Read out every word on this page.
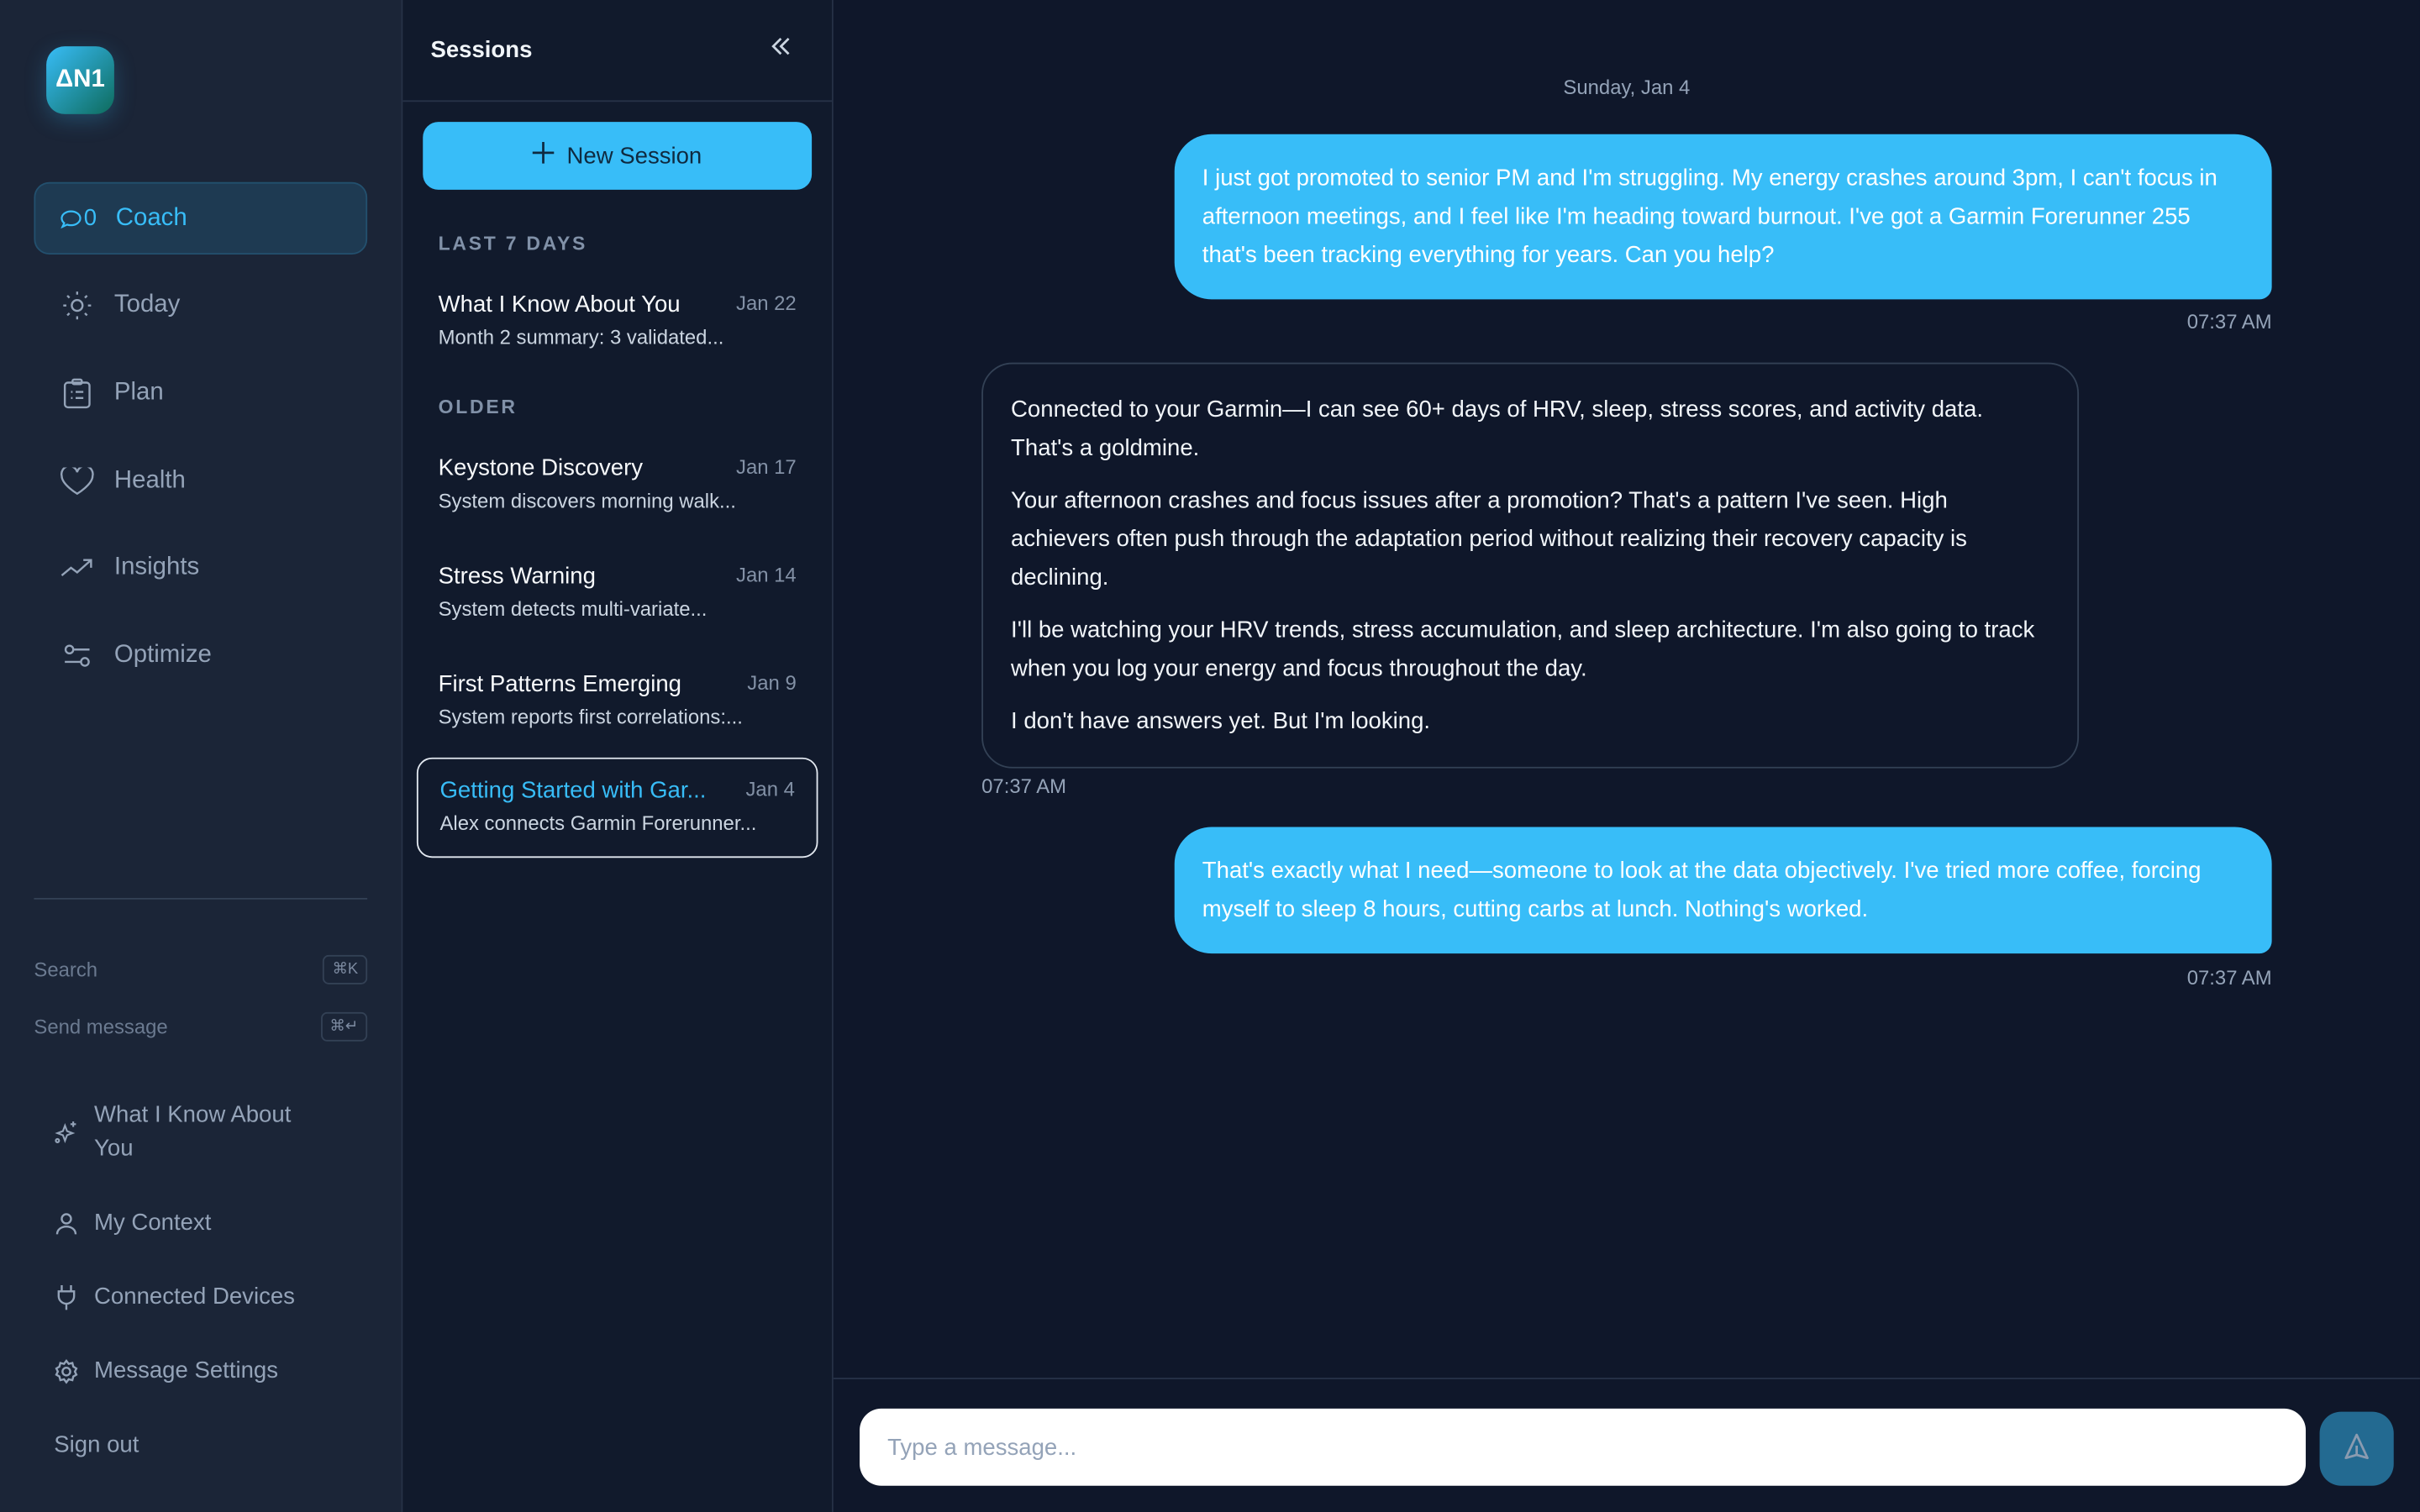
ΔN1
0 Coach
Today
Plan
Health
Insights
Optimize
Search	⌘K
Send message	⌘↵
What I Know About You
My Context
Connected Devices
Message Settings
Sign out
Sessions
New Session
LAST 7 DAYS
What I Know About You	Jan 22
Month 2 summary: 3 validated...
OLDER
Keystone Discovery	Jan 17
System discovers morning walk...
Stress Warning	Jan 14
System detects multi-variate...
First Patterns Emerging	Jan 9
System reports first correlations:...
Getting Started with Gar...	Jan 4
Alex connects Garmin Forerunner...
Sunday, Jan 4
I just got promoted to senior PM and I'm struggling. My energy crashes around 3pm, I can't focus in afternoon meetings, and I feel like I'm heading toward burnout. I've got a Garmin Forerunner 255 that's been tracking everything for years. Can you help?
07:37 AM

Connected to your Garmin—I can see 60+ days of HRV, sleep, stress scores, and activity data. That's a goldmine.

Your afternoon crashes and focus issues after a promotion? That's a pattern I've seen. High achievers often push through the adaptation period without realizing their recovery capacity is declining.

I'll be watching your HRV trends, stress accumulation, and sleep architecture. I'm also going to track when you log your energy and focus throughout the day.

I don't have answers yet. But I'm looking.

07:37 AM
That's exactly what I need—someone to look at the data objectively. I've tried more coffee, forcing myself to sleep 8 hours, cutting carbs at lunch. Nothing's worked.
07:37 AM
Type a message...
